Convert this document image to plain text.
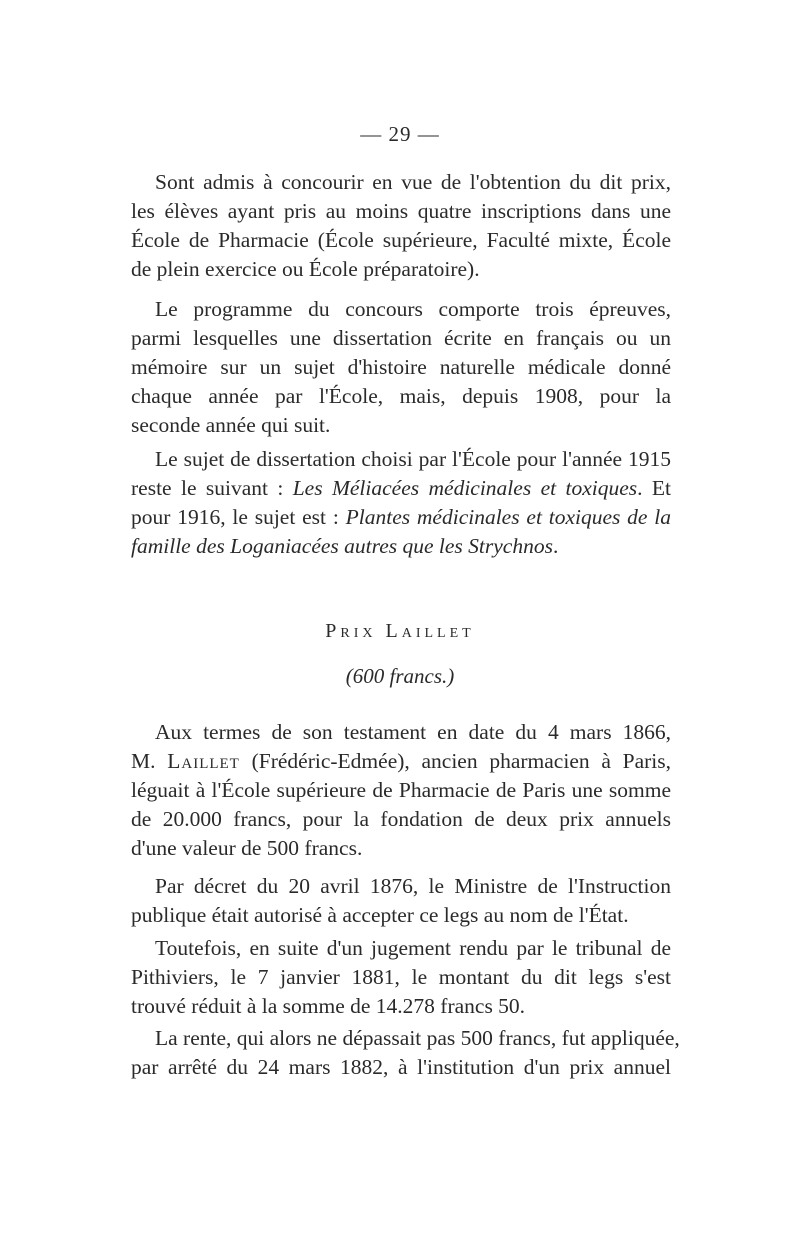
— 29 —
Sont admis à concourir en vue de l'obtention du dit prix,
les élèves ayant pris au moins quatre inscriptions dans une
École de Pharmacie (École supérieure, Faculté mixte, École
de plein exercice ou École préparatoire).
Le programme du concours comporte trois épreuves,
parmi lesquelles une dissertation écrite en français ou un
mémoire sur un sujet d'histoire naturelle médicale donné
chaque année par l'École, mais, depuis 1908, pour la
seconde année qui suit.
Le sujet de dissertation choisi par l'École pour l'année 1915
reste le suivant : Les Méliacées médicinales et toxiques. Et
pour 1916, le sujet est : Plantes médicinales et toxiques de la
famille des Loganiacées autres que les Strychnos.
Prix Laillet
(600 francs.)
Aux termes de son testament en date du 4 mars 1866,
M. Laillet (Frédéric-Edmée), ancien pharmacien à Paris,
léguait à l'École supérieure de Pharmacie de Paris une somme
de 20.000 francs, pour la fondation de deux prix annuels
d'une valeur de 500 francs.
Par décret du 20 avril 1876, le Ministre de l'Instruction
publique était autorisé à accepter ce legs au nom de l'État.
Toutefois, en suite d'un jugement rendu par le tribunal de
Pithiviers, le 7 janvier 1881, le montant du dit legs s'est
trouvé réduit à la somme de 14.278 francs 50.
La rente, qui alors ne dépassait pas 500 francs, fut appliquée,
par arrêté du 24 mars 1882, à l'institution d'un prix annuel
